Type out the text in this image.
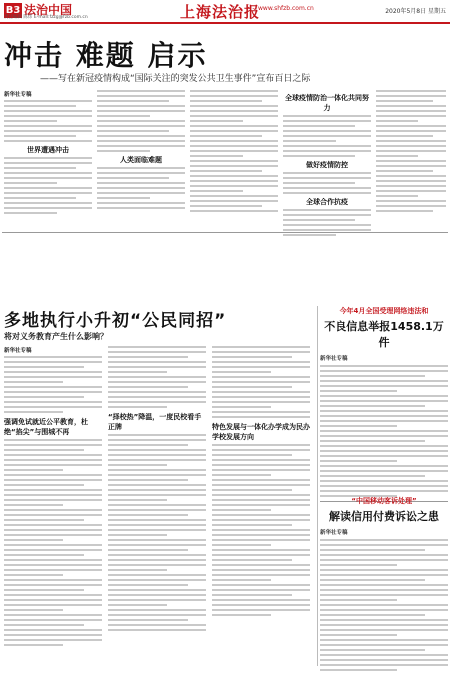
B3 法治中国
责任编辑 陈炜 E-mail:fzzg@fzb.com.cn	上海法治报
www.shfzb.com.cn	2020年5月8日 星期五
冲击 难题 启示
——写在新冠疫情构成“国际关注的突发公共卫生事件”宣布百日之际
新华社专稿
世界遭遇冲击
人类面临难题
全球疫情防治一体化共同努力
做好疫情防控
全球合作抗疫
多地执行小升初“公民同招”
将对义务教育产生什么影响？
新华社专稿
强调免试就近公平教育，杜绝“掐尖”与围城不再
“择校热”降温，一度民校看手正牌	特色发展与一体化办学成为民办学校发展方向
今年4月全国受理网络违法和
不良信息举报1458.1万件
新华社专稿
“中国移动客诉处理”
解读信用付费诉讼之患
新华社专稿
